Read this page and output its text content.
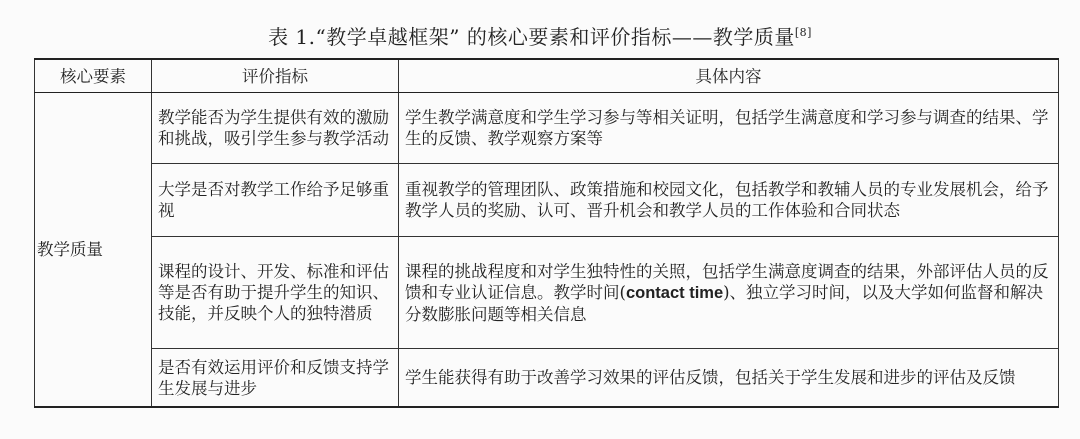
表 1.“教学卓越框架” 的核心要素和评价指标——教学质量[8]
核心要素	评价指标	具体内容
教学质量	教学能否为学生提供有效的激励和挑战，吸引学生参与教学活动	学生教学满意度和学生学习参与等相关证明，包括学生满意度和学习参与调查的结果、学生的反馈、教学观察方案等
	大学是否对教学工作给予足够重视	重视教学的管理团队、政策措施和校园文化，包括教学和教辅人员的专业发展机会，给予教学人员的奖励、认可、晋升机会和教学人员的工作体验和合同状态
	课程的设计、开发、标准和评估等是否有助于提升学生的知识、技能，并反映个人的独特潜质	课程的挑战程度和对学生独特性的关照，包括学生满意度调查的结果，外部评估人员的反馈和专业认证信息。教学时间(contact time)、独立学习时间，以及大学如何监督和解决分数膨胀问题等相关信息
	是否有效运用评价和反馈支持学生发展与进步	学生能获得有助于改善学习效果的评估反馈，包括关于学生发展和进步的评估及反馈
